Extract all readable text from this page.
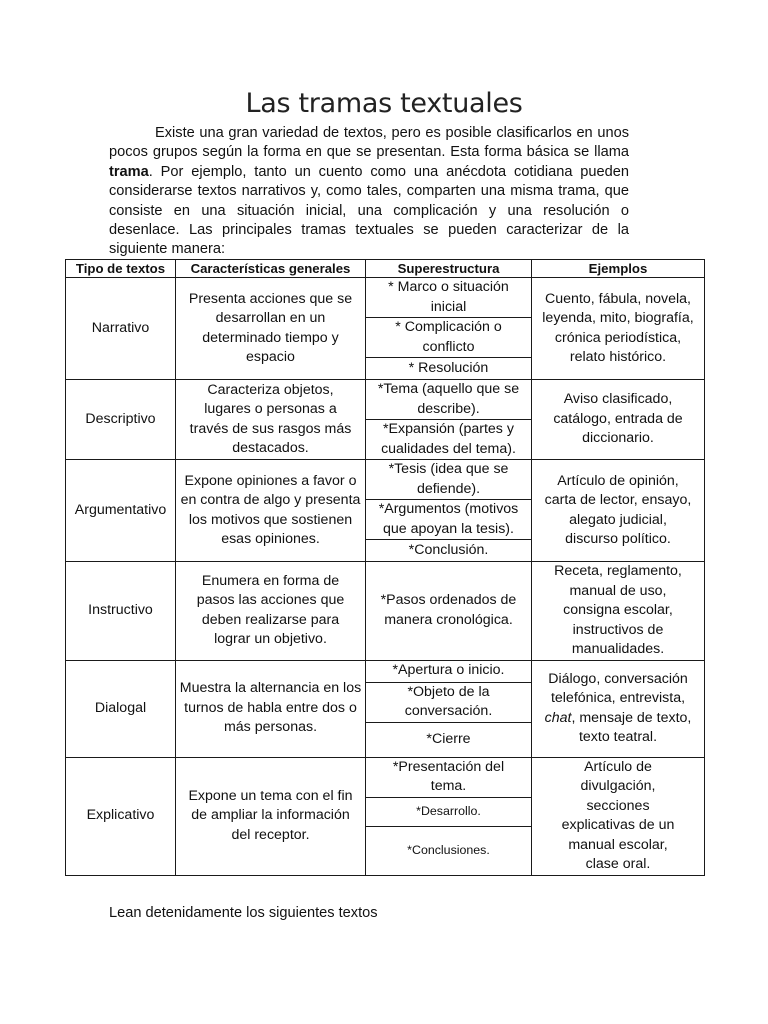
Las tramas textuales

Existe una gran variedad de textos, pero es posible clasificarlos en unos pocos grupos según la forma en que se presentan. Esta forma básica se llama trama. Por ejemplo, tanto un cuento como una anécdota cotidiana pueden considerarse textos narrativos y, como tales, comparten una misma trama, que consiste en una situación inicial, una complicación y una resolución o desenlace. Las principales tramas textuales se pueden caracterizar de la siguiente manera:

Tipo de textos	Características generales	Superestructura	Ejemplos
Narrativo	Presenta acciones que se desarrollan en un determinado tiempo y espacio	* Marco o situación inicial	Cuento, fábula, novela, leyenda, mito, biografía, crónica periodística, relato histórico.
		* Complicación o conflicto	
		* Resolución	
Descriptivo	Caracteriza objetos, lugares o personas a través de sus rasgos más destacados.	*Tema (aquello que se describe).	Aviso clasificado, catálogo, entrada de diccionario.
		*Expansión (partes y cualidades del tema).	
Argumentativo	Expone opiniones a favor o en contra de algo y presenta los motivos que sostienen esas opiniones.	*Tesis (idea que se defiende).	Artículo de opinión, carta de lector, ensayo, alegato judicial, discurso político.
		*Argumentos (motivos que apoyan la tesis).	
		*Conclusión.	
Instructivo	Enumera en forma de pasos las acciones que deben realizarse para lograr un objetivo.	*Pasos ordenados de manera cronológica.	Receta, reglamento, manual de uso, consigna escolar, instructivos de manualidades.
Dialogal	Muestra la alternancia en los turnos de habla entre dos o más personas.	*Apertura o inicio.	Diálogo, conversación telefónica, entrevista, chat, mensaje de texto, texto teatral.
		*Objeto de la conversación.	
		*Cierre	
Explicativo	Expone un tema con el fin de ampliar la información del receptor.	*Presentación del tema.	Artículo de divulgación, secciones explicativas de un manual escolar, clase oral.
		*Desarrollo.	
		*Conclusiones.	
Lean detenidamente los siguientes textos
